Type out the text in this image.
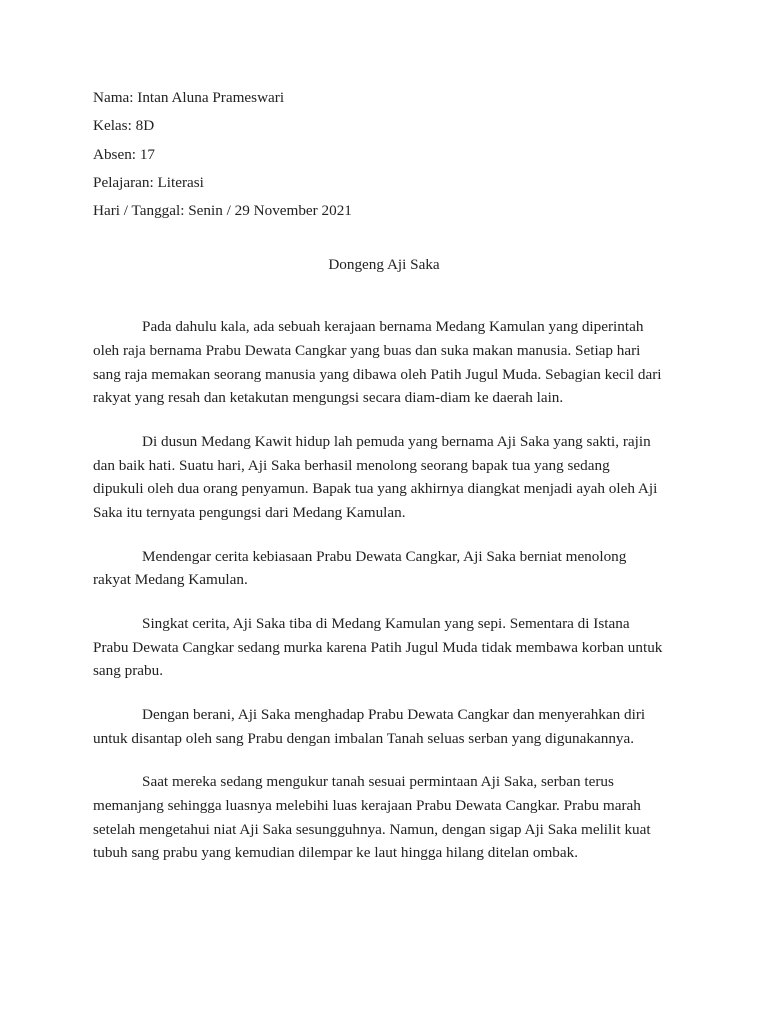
Nama: Intan Aluna Prameswari
Kelas: 8D
Absen: 17
Pelajaran: Literasi
Hari / Tanggal: Senin / 29 November 2021
Dongeng Aji Saka

Pada dahulu kala, ada sebuah kerajaan bernama Medang Kamulan yang diperintah
oleh raja bernama Prabu Dewata Cangkar yang buas dan suka makan manusia. Setiap hari
sang raja memakan seorang manusia yang dibawa oleh Patih Jugul Muda. Sebagian kecil dari
rakyat yang resah dan ketakutan mengungsi secara diam-diam ke daerah lain.

Di dusun Medang Kawit hidup lah pemuda yang bernama Aji Saka yang sakti, rajin
dan baik hati. Suatu hari, Aji Saka berhasil menolong seorang bapak tua yang sedang
dipukuli oleh dua orang penyamun. Bapak tua yang akhirnya diangkat menjadi ayah oleh Aji
Saka itu ternyata pengungsi dari Medang Kamulan.

Mendengar cerita kebiasaan Prabu Dewata Cangkar, Aji Saka berniat menolong
rakyat Medang Kamulan.

Singkat cerita, Aji Saka tiba di Medang Kamulan yang sepi. Sementara di Istana
Prabu Dewata Cangkar sedang murka karena Patih Jugul Muda tidak membawa korban untuk
sang prabu.

Dengan berani, Aji Saka menghadap Prabu Dewata Cangkar dan menyerahkan diri
untuk disantap oleh sang Prabu dengan imbalan Tanah seluas serban yang digunakannya.

Saat mereka sedang mengukur tanah sesuai permintaan Aji Saka, serban terus
memanjang sehingga luasnya melebihi luas kerajaan Prabu Dewata Cangkar. Prabu marah
setelah mengetahui niat Aji Saka sesungguhnya. Namun, dengan sigap Aji Saka melilit kuat
tubuh sang prabu yang kemudian dilempar ke laut hingga hilang ditelan ombak.
